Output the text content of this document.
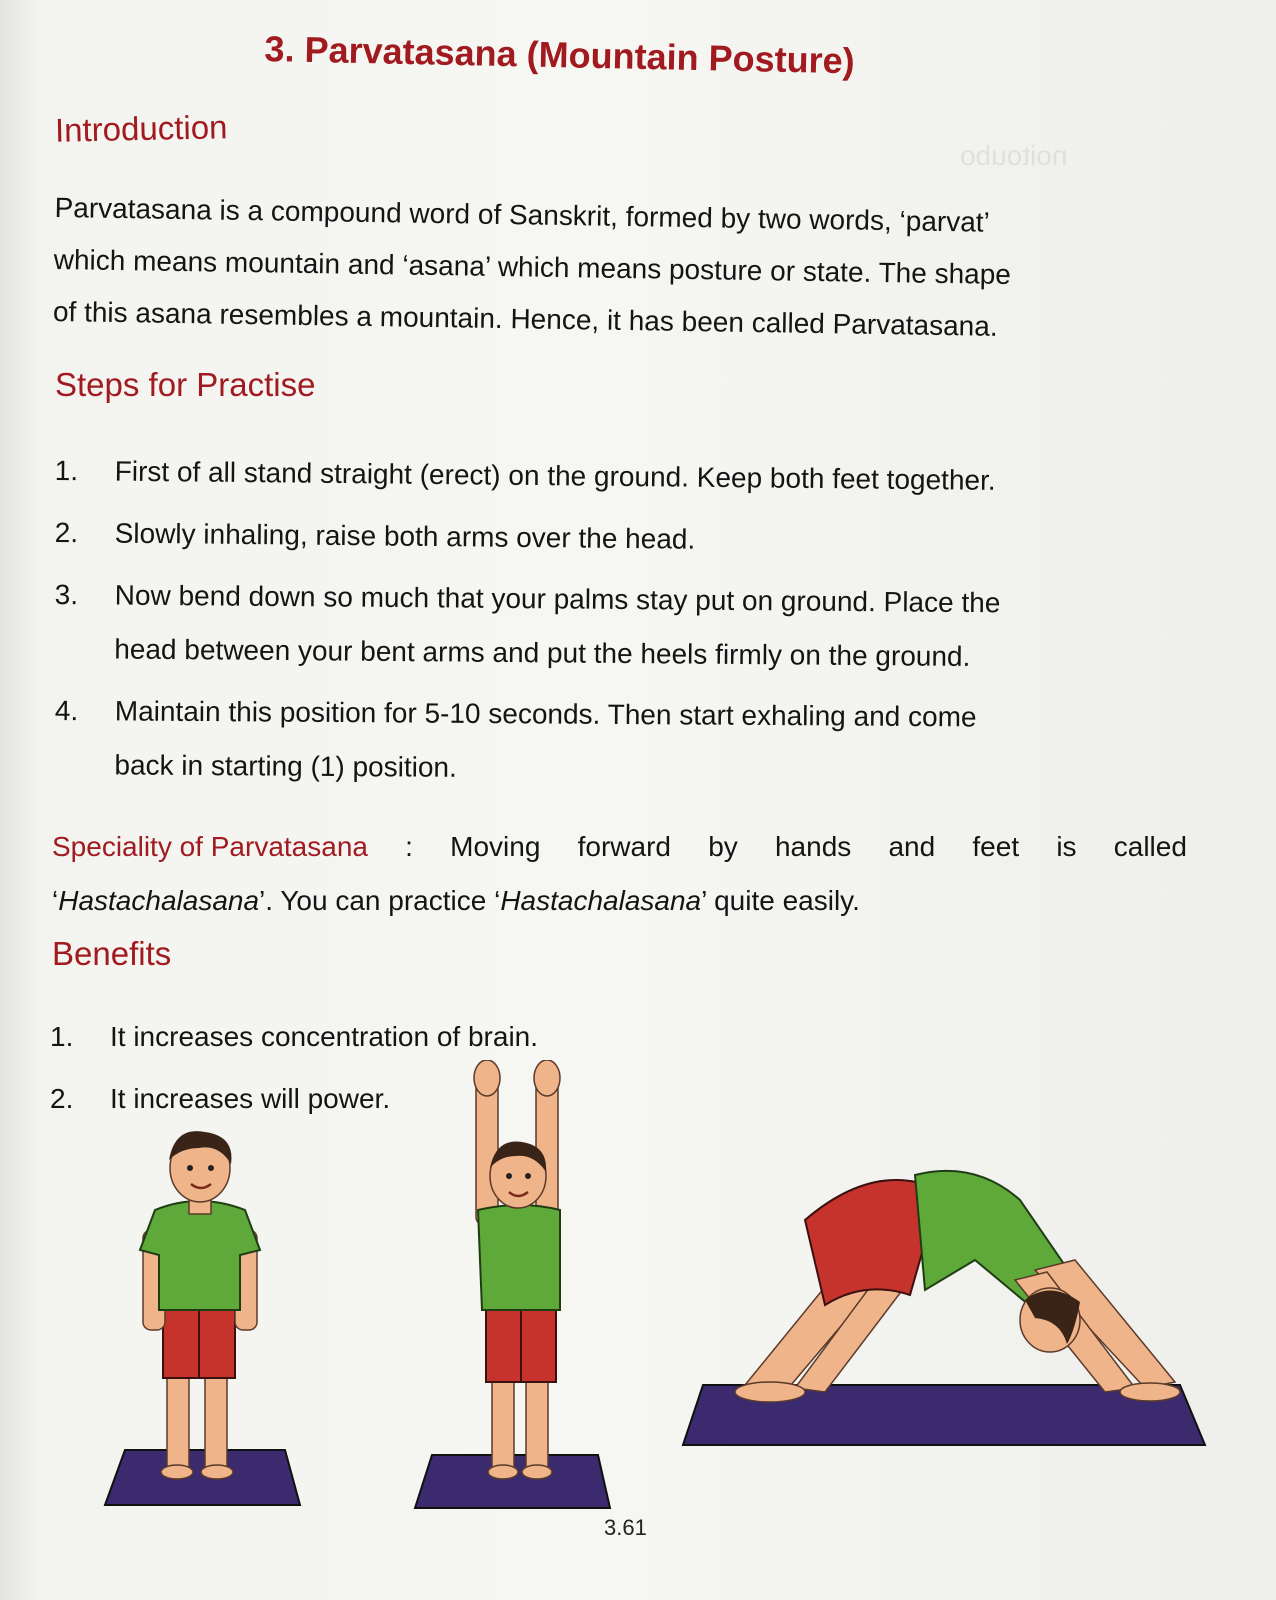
noitoubo
3. Parvatasana (Mountain Posture)
Introduction
Parvatasana is a compound word of Sanskrit, formed by two words, ‘parvat’
which means mountain and ‘asana’ which means posture or state. The shape
of this asana resembles a mountain. Hence, it has been called Parvatasana.
Steps for Practise
1.	First of all stand straight (erect) on the ground. Keep both feet together.
2.	Slowly inhaling, raise both arms over the head.
3.	Now bend down so much that your palms stay put on ground. Place the
head between your bent arms and put the heels firmly on the ground.
4.	Maintain this position for 5-10 seconds. Then start exhaling and come
back in starting (1) position.
Speciality of Parvatasana : Moving forward by hands and feet is called
‘Hastachalasana’. You can practice ‘Hastachalasana’ quite easily.
Benefits
1.	It increases concentration of brain.
2.	It increases will power.
3.61
